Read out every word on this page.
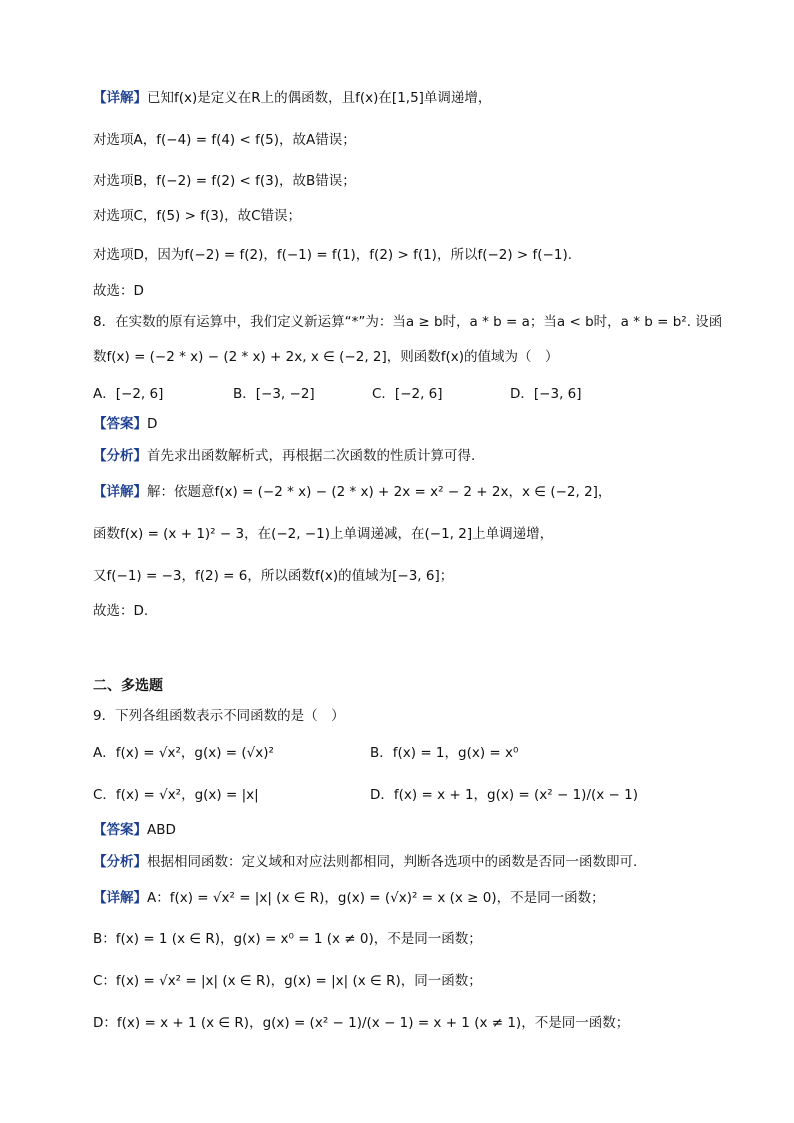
【详解】已知f(x)是定义在R上的偶函数，且f(x)在[1,5]单调递增，
对选项A，f(−4) = f(4) < f(5)，故A错误；
对选项B，f(−2) = f(2) < f(3)，故B错误；
对选项C，f(5) > f(3)，故C错误；
对选项D，因为f(−2) = f(2)，f(−1) = f(1)，f(2) > f(1)，所以f(−2) > f(−1).
故选：D
8．在实数的原有运算中，我们定义新运算“*”为：当a ≥ b时，a * b = a；当a < b时，a * b = b². 设函
数f(x) = (−2 * x) − (2 * x) + 2x, x ∈ (−2, 2]，则函数f(x)的值域为（　）
A．[−2, 6]	B．[−3, −2]	C．[−2, 6]	D．[−3, 6]
【答案】D
【分析】首先求出函数解析式，再根据二次函数的性质计算可得.
【详解】解：依题意f(x) = (−2 * x) − (2 * x) + 2x = x² − 2 + 2x，x ∈ (−2, 2]，
函数f(x) = (x + 1)² − 3，在(−2, −1)上单调递减，在(−1, 2]上单调递增，
又f(−1) = −3，f(2) = 6，所以函数f(x)的值域为[−3, 6]；
故选：D.
二、多选题
9．下列各组函数表示不同函数的是（　）
A．f(x) = √x²，g(x) = (√x)²	B．f(x) = 1，g(x) = x⁰
C．f(x) = √x²，g(x) = |x|	D．f(x) = x + 1，g(x) = (x² − 1)/(x − 1)
【答案】ABD
【分析】根据相同函数：定义域和对应法则都相同，判断各选项中的函数是否同一函数即可.
【详解】A：f(x) = √x² = |x| (x ∈ R)，g(x) = (√x)² = x (x ≥ 0)，不是同一函数；
B：f(x) = 1 (x ∈ R)，g(x) = x⁰ = 1 (x ≠ 0)，不是同一函数；
C：f(x) = √x² = |x| (x ∈ R)，g(x) = |x| (x ∈ R)，同一函数；
D：f(x) = x + 1 (x ∈ R)，g(x) = (x² − 1)/(x − 1) = x + 1 (x ≠ 1)，不是同一函数；
